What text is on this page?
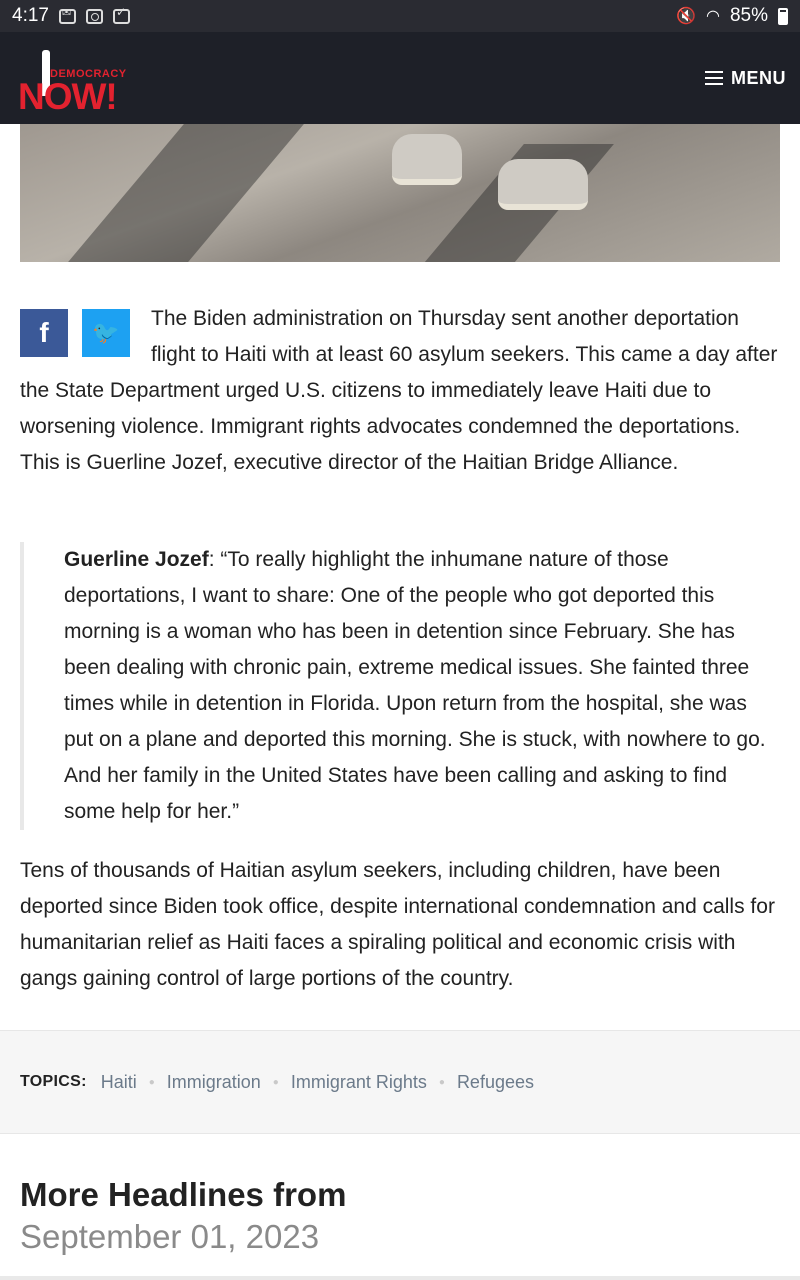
4:17 ✉ ✓	🔇 ◠ 85%
DEMOCRACY
NOW!	MENU
f 🐦

The Biden administration on Thursday sent another deportation flight to Haiti with at least 60 asylum seekers. This came a day after the State Department urged U.S. citizens to immediately leave Haiti due to worsening violence. Immigrant rights advocates condemned the deportations. This is Guerline Jozef, executive director of the Haitian Bridge Alliance.

Guerline Jozef: “To really highlight the inhumane nature of those deportations, I want to share: One of the people who got deported this morning is a woman who has been in detention since February. She has been dealing with chronic pain, extreme medical issues. She fainted three times while in detention in Florida. Upon return from the hospital, she was put on a plane and deported this morning. She is stuck, with nowhere to go. And her family in the United States have been calling and asking to find some help for her.”
Tens of thousands of Haitian asylum seekers, including children, have been deported since Biden took office, despite international condemnation and calls for humanitarian relief as Haiti faces a spiraling political and economic crisis with gangs gaining control of large portions of the country.
TOPICS: Haiti ● Immigration ● Immigrant Rights ● Refugees
More Headlines from
September 01, 2023
